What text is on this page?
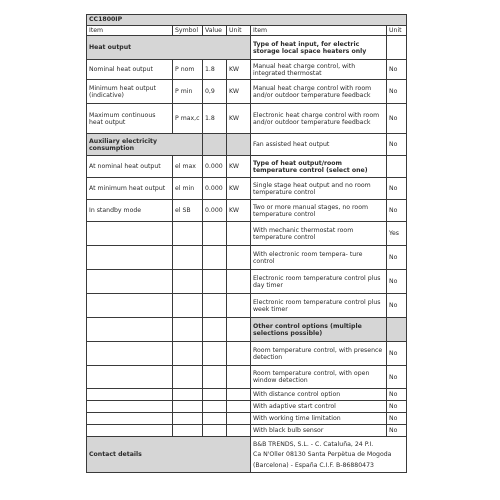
CC1800IP					
Item	Symbol	Value	Unit	Item	Unit
Heat output				Type of heat input, for electric storage local space heaters only	
Nominal heat output	P nom	1.8	KW	Manual heat charge control, with integrated thermostat	No
Minimum heat output (indicative)	P min	0,9	KW	Manual heat charge control with room and/or outdoor temperature feedback	No
Maximum continuous heat output	P max,c	1.8	KW	Electronic heat charge control with room and/or outdoor temperature feedback	No
Auxiliary electricity consumption				Fan assisted heat output	No
At nominal heat output	el max	0.000	KW	Type of heat output/room temperature control (select one)	
At minimum heat output	el min	0.000	KW	Single stage heat output and no room temperature control	No
In standby mode	el SB	0.000	KW	Two or more manual stages, no room temperature control	No
				With mechanic thermostat room temperature control	Yes
				With electronic room tempera- ture control	No
				Electronic room temperature control plus day timer	No
				Electronic room temperature control plus week timer	No
				Other control options (multiple selections possible)	
				Room temperature control, with presence detection	No
				Room temperature control, with open window detection	No
				With distance control option	No
				With adaptive start control	No
				With working time limitation	No
				With black bulb sensor	No
Contact details				B&B TRENDS, S.L. - C. Cataluña, 24 P.I.
Ca N'Oller 08130 Santa Perpètua de Mogoda
(Barcelona) - España C.I.F. B-86880473	
